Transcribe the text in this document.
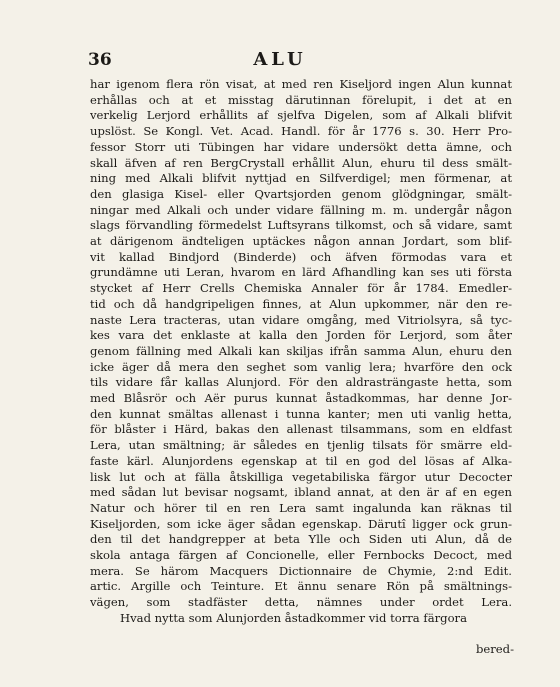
36	ALU
har igenom flera rön visat, at med ren Kiseljord ingen Alun kunnat
erhållas och at et misstag därutinnan förelupit, i det at en
verkelig Lerjord erhållits af sjelfva Digelen, som af Alkali blifvit
upslöst. Se Kongl. Vet. Acad. Handl. för år 1776 s. 30. Herr Pro-
fessor Storr uti Tübingen har vidare undersökt detta ämne, och
skall äfven af ren BergCrystall erhållit Alun, ehuru til dess smält-
ning med Alkali blifvit nyttjad en Silfverdigel; men förmenar, at
den glasiga Kisel- eller Qvartsjorden genom glödgningar, smält-
ningar med Alkali och under vidare fällning m. m. undergår någon
slags förvandling förmedelst Luftsyrans tilkomst, och så vidare, samt
at därigenom ändteligen uptäckes någon annan Jordart, som blif-
vit kallad Bindjord (Binderde) och äfven förmodas vara et
grundämne uti Leran, hvarom en lärd Afhandling kan ses uti första
stycket af Herr Crells Chemiska Annaler för år 1784. Emedler-
tid och då handgripeligen finnes, at Alun upkommer, när den re-
naste Lera tracteras, utan vidare omgång, med Vitriolsyra, så tyc-
kes vara det enklaste at kalla den Jorden för Lerjord, som åter
genom fällning med Alkali kan skiljas ifrån samma Alun, ehuru den
icke äger då mera den seghet som vanlig lera; hvarföre den ock
tils vidare får kallas Alunjord. För den aldrasträngaste hetta, som
med Blåsrör och Aër purus kunnat åstadkommas, har denne Jor-
den kunnat smältas allenast i tunna kanter; men uti vanlig hetta,
för blåster i Härd, bakas den allenast tilsammans, som en eldfast
Lera, utan smältning; är således en tjenlig tilsats för smärre eld-
faste kärl. Alunjordens egenskap at til en god del lösas af Alka-
lisk lut och at fälla åtskilliga vegetabiliska färgor utur Decocter
med sådan lut bevisar nogsamt, ibland annat, at den är af en egen
Natur och hörer til en ren Lera samt ingalunda kan räknas til
Kiseljorden, som icke äger sådan egenskap. Därutî ligger ock grun-
den til det handgrepper at beta Ylle och Siden uti Alun, då de
skola antaga färgen af Concionelle, eller Fernbocks Decoct, med
mera. Se härom Macquers Dictionnaire de Chymie, 2:nd Edit.
artic. Argille och Teinture. Et ännu senare Rön på smältnings-
vägen, som stadfäster detta, nämnes under ordet Lera.
Hvad nytta som Alunjorden åstadkommer vid torra färgora
bered-
